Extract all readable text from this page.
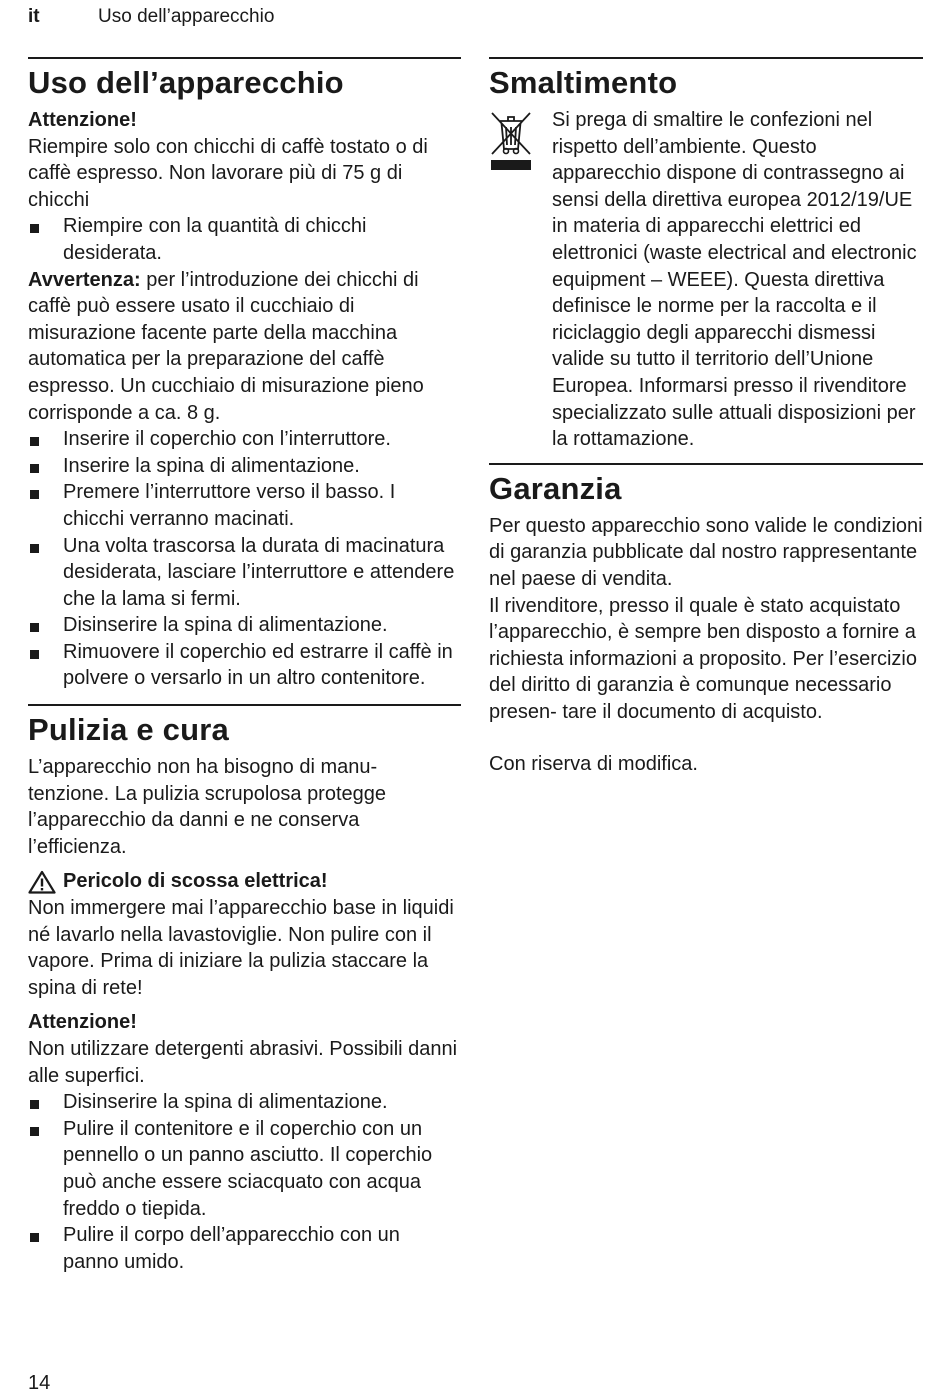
it	Uso dell’apparecchio
Uso dell’apparecchio

Attenzione!

Riempire solo con chicchi di caffè tostato o di caffè espresso. Non lavorare più di 75 g di chicchi

Riempire con la quantità di chicchi desiderata.

Avvertenza: per l’introduzione dei chicchi di caffè può essere usato il cucchiaio di misurazione facente parte della macchina automatica per la preparazione del caffè espresso. Un cucchiaio di misurazione pieno corrisponde a ca. 8 g.

Inserire il coperchio con l’interruttore.
Inserire la spina di alimentazione.
Premere l’interruttore verso il basso. I chicchi verranno macinati.
Una volta trascorsa la durata di macinatura desiderata, lasciare l’interruttore e attendere che la lama si fermi.
Disinserire la spina di alimentazione.
Rimuovere il coperchio ed estrarre il caffè in polvere o versarlo in un altro contenitore.
Pulizia e cura

L’apparecchio non ha bisogno di manu- tenzione. La pulizia scrupolosa protegge l’apparecchio da danni e ne conserva l’efficienza.

Pericolo di scossa elettrica!

Non immergere mai l’apparecchio base in liquidi né lavarlo nella lavastoviglie. Non pulire con il vapore. Prima di iniziare la pulizia staccare la spina di rete!

Attenzione!

Non utilizzare detergenti abrasivi. Possibili danni alle superfici.

Disinserire la spina di alimentazione.
Pulire il contenitore e il coperchio con un pennello o un panno asciutto. Il coperchio può anche essere sciacquato con acqua freddo o tiepida.
Pulire il corpo dell’apparecchio con un panno umido.
Smaltimento

Si prega di smaltire le confezioni nel rispetto dell’ambiente. Questo apparecchio dispone di contrassegno ai sensi della direttiva europea 2012/19/UE in materia di apparecchi elettrici ed elettronici (waste electrical and electronic equipment – WEEE). Questa direttiva definisce le norme per la raccolta e il riciclaggio degli apparecchi dismessi valide su tutto il territorio dell’Unione Europea. Informarsi presso il rivenditore specializzato sulle attuali disposizioni per la rottamazione.

Garanzia

Per questo apparecchio sono valide le condizioni di garanzia pubblicate dal nostro rappresentante nel paese di vendita.

Il rivenditore, presso il quale è stato acquistato l’apparecchio, è sempre ben disposto a fornire a richiesta informazioni a proposito. Per l’esercizio del diritto di garanzia è comunque necessario presen- tare il documento di acquisto.

Con riserva di modifica.

14
